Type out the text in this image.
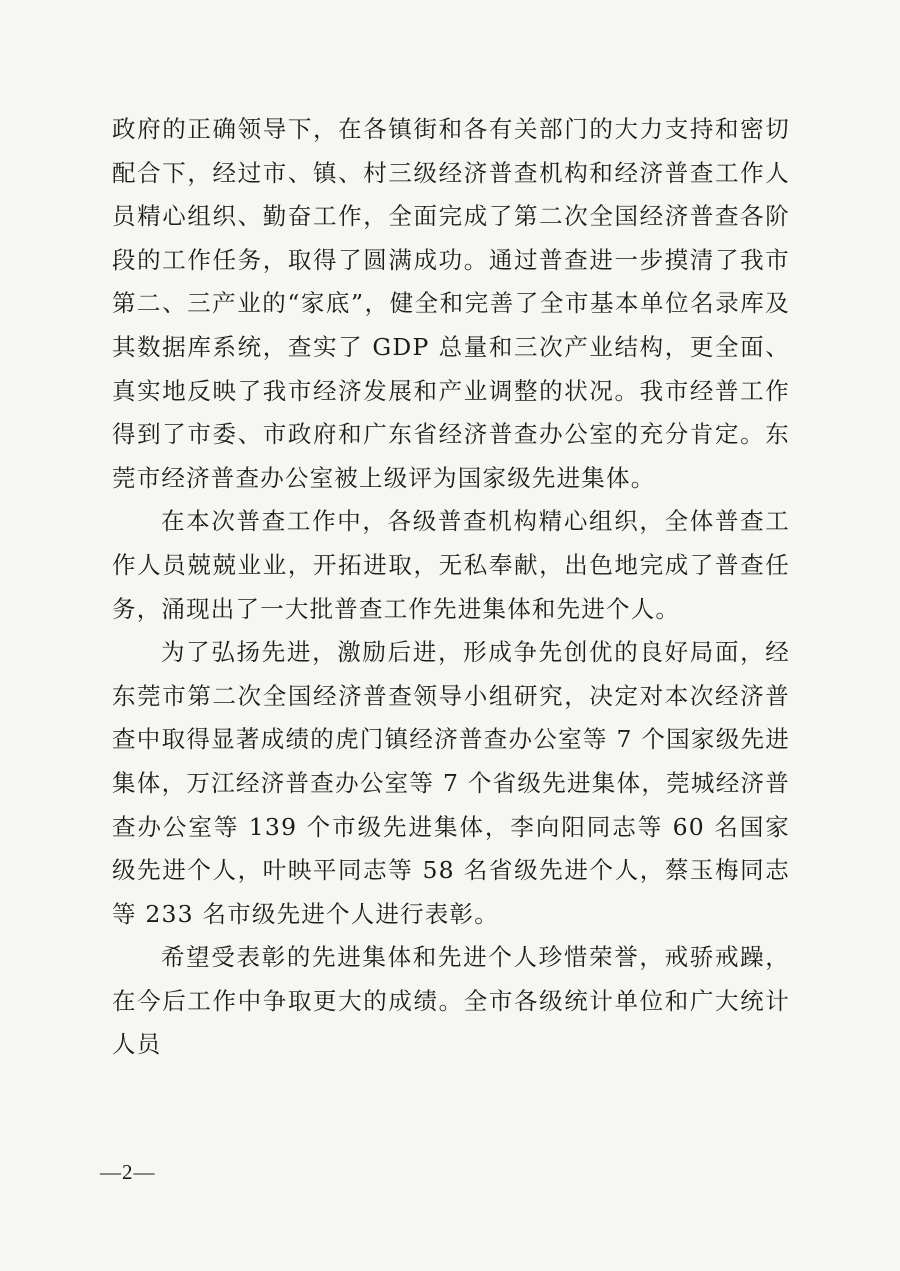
政府的正确领导下，在各镇街和各有关部门的大力支持和密切配合下，经过市、镇、村三级经济普查机构和经济普查工作人员精心组织、勤奋工作，全面完成了第二次全国经济普查各阶段的工作任务，取得了圆满成功。通过普查进一步摸清了我市第二、三产业的“家底”，健全和完善了全市基本单位名录库及其数据库系统，查实了 GDP 总量和三次产业结构，更全面、真实地反映了我市经济发展和产业调整的状况。我市经普工作得到了市委、市政府和广东省经济普查办公室的充分肯定。东莞市经济普查办公室被上级评为国家级先进集体。

在本次普查工作中，各级普查机构精心组织，全体普查工作人员兢兢业业，开拓进取，无私奉献，出色地完成了普查任务，涌现出了一大批普查工作先进集体和先进个人。

为了弘扬先进，激励后进，形成争先创优的良好局面，经东莞市第二次全国经济普查领导小组研究，决定对本次经济普查中取得显著成绩的虎门镇经济普查办公室等 7 个国家级先进集体，万江经济普查办公室等 7 个省级先进集体，莞城经济普查办公室等 139 个市级先进集体，李向阳同志等 60 名国家级先进个人，叶映平同志等 58 名省级先进个人，蔡玉梅同志等 233 名市级先进个人进行表彰。

希望受表彰的先进集体和先进个人珍惜荣誉，戒骄戒躁，在今后工作中争取更大的成绩。全市各级统计单位和广大统计人员

—2—
